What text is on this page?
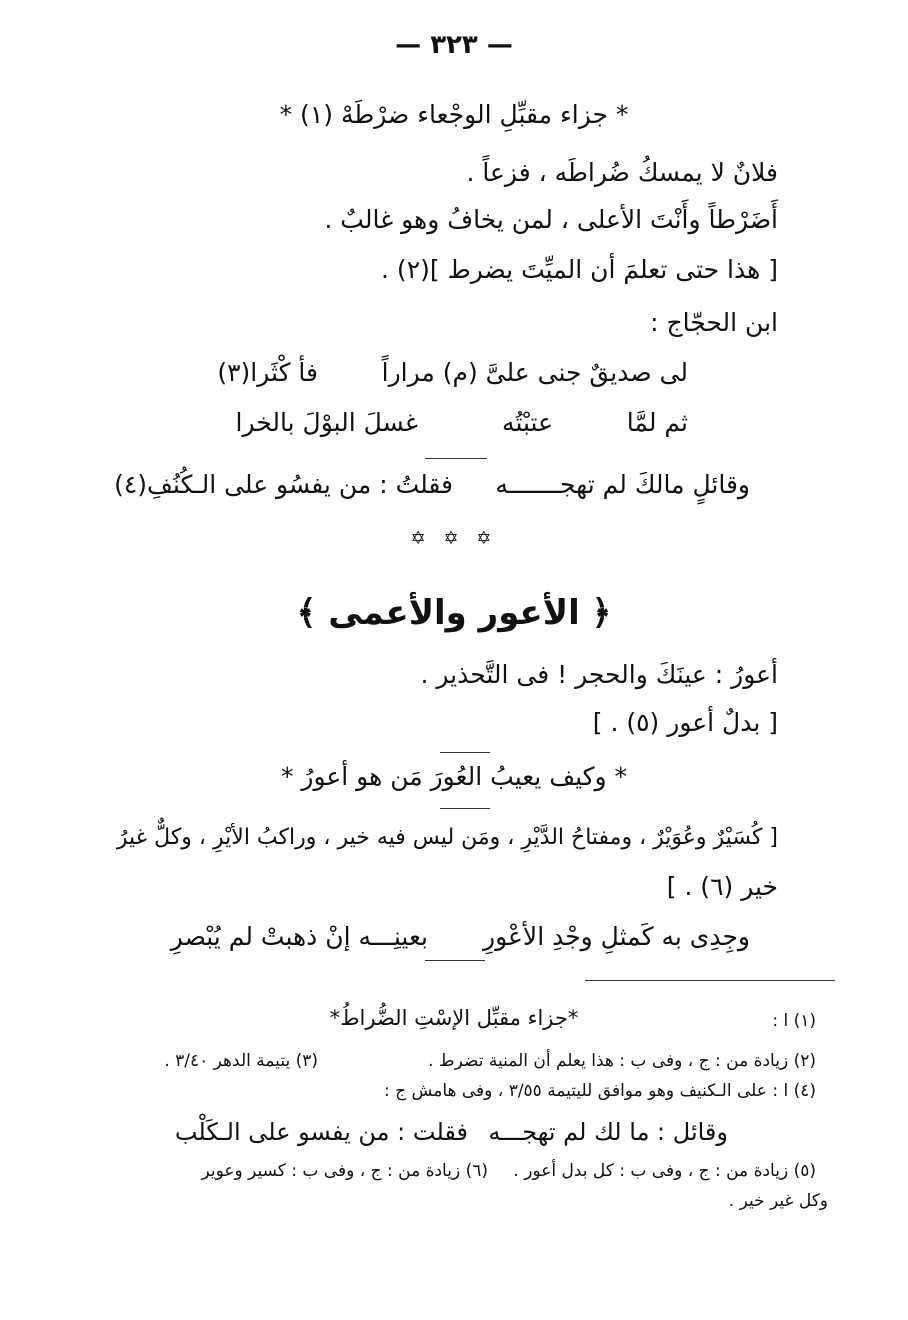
— ٣٢٣ —
* جزاء مقبِّلِ الوجْعاء ضرْطَهْ (١) *
فلانٌ لا يمسكُ ضُراطَه ، فزعاً .
أَضَرْطاً وأَنْتَ الأعلى ، لمن يخافُ وهو غالبٌ .
[ هذا حتى تعلمَ أن الميِّتَ يضرط ](٢) .
ابن الحجّاج :
لى صديقٌ جنى علىَّ (م) مراراً
فأ كْثَرا(٣)
ثم لمَّا
عتبْتُه
غسلَ البوْلَ بالخرا
وقائلٍ مالكَ لم تهجـــــــه
فقلتُ : من يفسُو على الـكُنُفِ(٤)
✡ ✡ ✡
﴿ الأعور والأعمى ﴾
أعورُ : عينَكَ والحجر ! فى التَّحذير .
[ بدلٌ أعور (٥) . ]
* وكيف يعيبُ العُورَ مَن هو أعورُ *
[ كُسَيْرٌ وعُوَيْرٌ ، ومفتاحُ الدَّيْرِ ، ومَن ليس فيه خير ، وراكبُ الأيْرِ ، وكلٌّ غيرُ
خير (٦) . ]
وجِدِى به كَمثلِ وجْدِ الأعْورِ
بعينِـــه إنْ ذهبتْ لم يُبْصرِ
(١) ا :
*جزاء مقبِّل الإسْتِ الضُّراطُ*
(٢) زيادة من : ج ، وفى ب : هذا يعلم أن المنية تضرط .
(٣) يتيمة الدهر ٣/٤٠ .
(٤) ا : على الـكنيف وهو موافق لليتيمة ٣/٥٥ ، وفى هامش ج :
وقائل : ما لك لم تهجـــه
فقلت : من يفسو على الـكَلْب
(٥) زيادة من : ج ، وفى ب : كل بدل أعور .
(٦) زيادة من : ج ، وفى ب : كسير وعوير
وكل غير خير .
